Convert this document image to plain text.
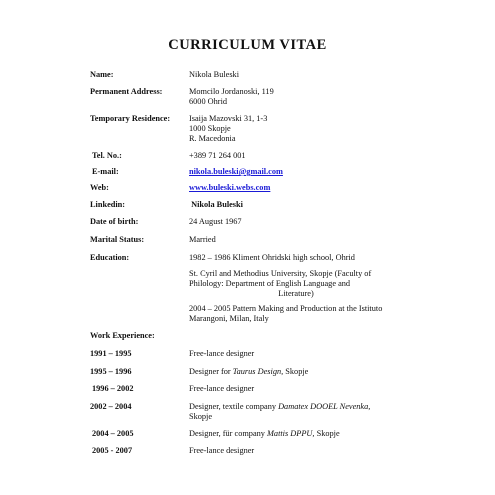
CURRICULUM VITAE
Name:	Nikola Buleski
Permanent Address:	Momcilo Jordanoski, 119
6000 Ohrid
Temporary Residence: Isaija Mazovski 31, 1-3
1000 Skopje
R. Macedonia
Tel. No.:	+389 71 264 001
E-mail:	nikola.buleski@gmail.com
Web:	www.buleski.webs.com
Linkedin:	Nikola Buleski
Date of birth:	24 August 1967
Marital Status:	Married
Education:	1982 – 1986 Kliment Ohridski high school, Ohrid
St. Cyril and Methodius University, Skopje (Faculty of
Philology: Department of English Language and
Literature)
2004 – 2005 Pattern Making and Production at the Istituto
Marangoni, Milan, Italy
Work Experience:
1991 – 1995	Free-lance designer
1995 – 1996	Designer for Taurus Design, Skopje
1996 – 2002	Free-lance designer
2002 – 2004	Designer, textile company Damatex DOOEL Nevenka,
Skopje
2004 – 2005	Designer, für company Mattis DPPU, Skopje
2005 - 2007	Free-lance designer
